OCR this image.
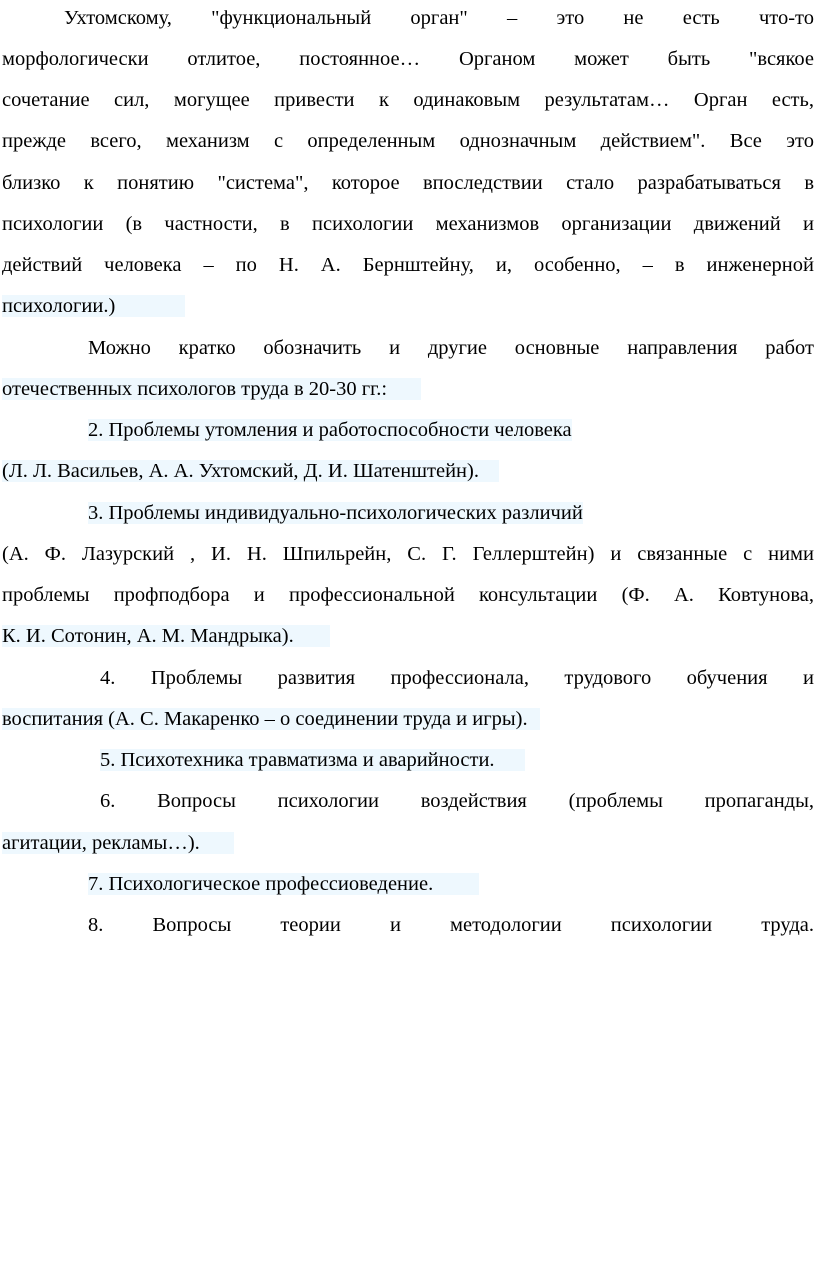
Ухтомскому, "функциональный орган" – это не есть что-то
морфологически отлитое, постоянное… Органом может быть "всякое
сочетание сил, могущее привести к одинаковым результатам… Орган есть,
прежде всего, механизм с определенным однозначным действием". Все это
близко к понятию "система", которое впоследствии стало разрабатываться в
психологии (в частности, в психологии механизмов организации движений и
действий человека – по Н. А. Бернштейну, и, особенно, – в инженерной
психологии.)
Можно кратко обозначить и другие основные направления работ
отечественных психологов труда в 20-30 гг.:
2. Проблемы утомления и работоспособности человека
(Л. Л. Васильев, А. А. Ухтомский, Д. И. Шатенштейн).
3. Проблемы индивидуально-психологических различий
(А. Ф. Лазурский , И. Н. Шпильрейн, С. Г. Геллерштейн) и связанные с ними
проблемы профподбора и профессиональной консультации (Ф. А. Ковтунова,
К. И. Сотонин, А. М. Мандрыка).
4. Проблемы развития профессионала, трудового обучения и
воспитания (А. С. Макаренко – о соединении труда и игры).
5. Психотехника травматизма и аварийности.
6. Вопросы психологии воздействия (проблемы пропаганды,
агитации, рекламы…).
7. Психологическое профессиоведение.
8. Вопросы теории и методологии психологии труда.
